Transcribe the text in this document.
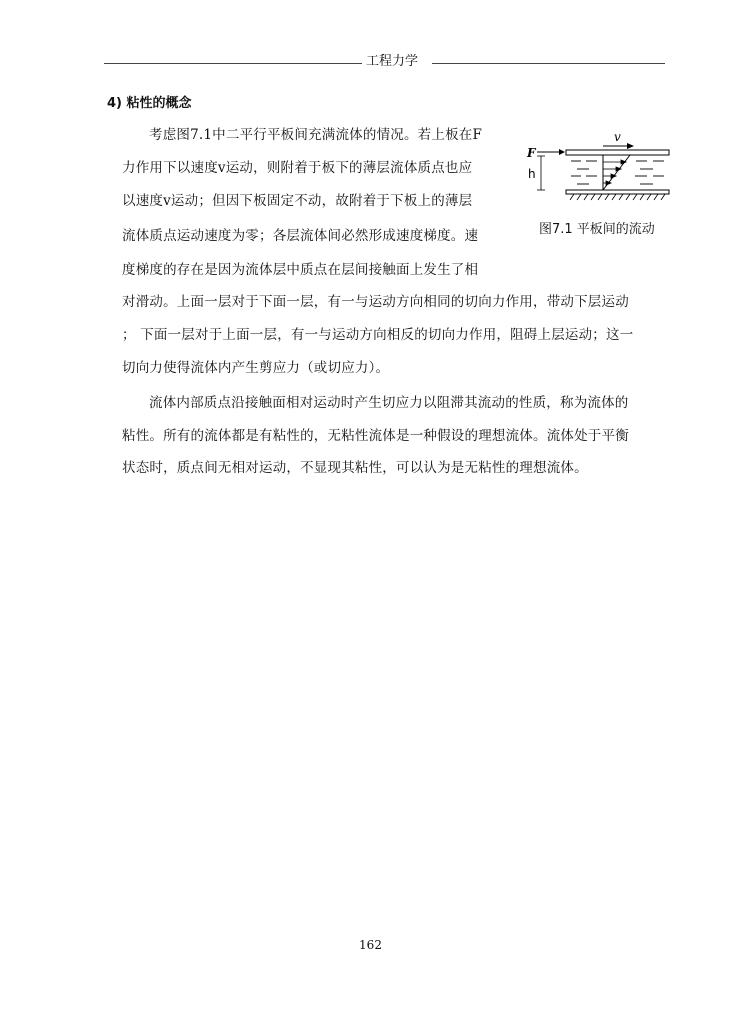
工程力学
4) 粘性的概念
考虑图7.1中二平行平板间充满流体的情况。若上板在F
力作用下以速度v运动，则附着于板下的薄层流体质点也应
以速度v运动；但因下板固定不动，故附着于下板上的薄层
流体质点运动速度为零；各层流体间必然形成速度梯度。速
度梯度的存在是因为流体层中质点在层间接触面上发生了相
对滑动。上面一层对于下面一层，有一与运动方向相同的切向力作用，带动下层运动
； 下面一层对于上面一层，有一与运动方向相反的切向力作用，阻碍上层运动；这一
切向力使得流体内产生剪应力（或切应力）。
流体内部质点沿接触面相对运动时产生切应力以阻滞其流动的性质，称为流体的
粘性。所有的流体都是有粘性的，无粘性流体是一种假设的理想流体。流体处于平衡
状态时，质点间无相对运动，不显现其粘性，可以认为是无粘性的理想流体。
v
F
h
图7.1 平板间的流动
162
